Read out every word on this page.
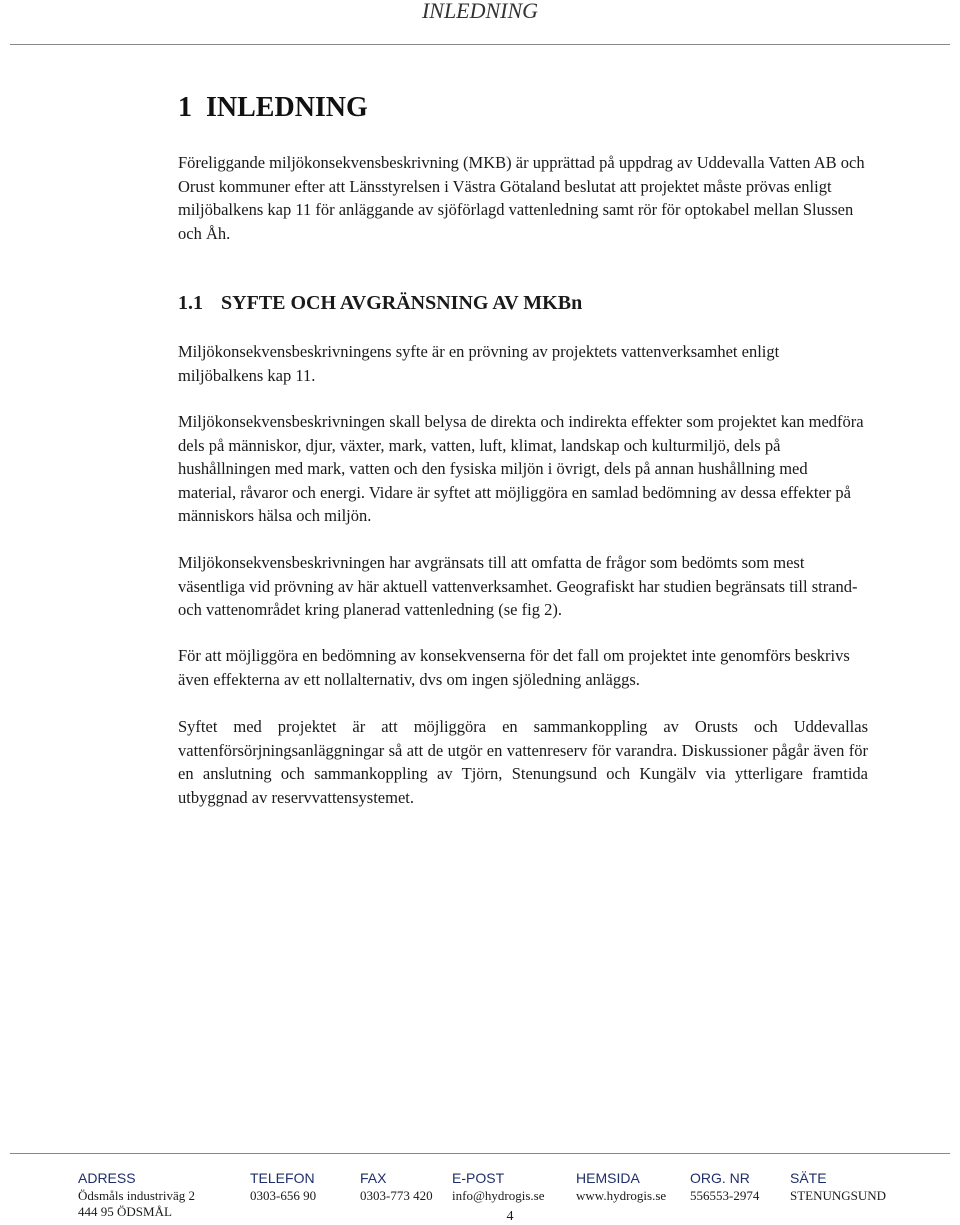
INLEDNING
1 INLEDNING

Föreliggande miljökonsekvensbeskrivning (MKB) är upprättad på uppdrag av Uddevalla Vatten AB och Orust kommuner efter att Länsstyrelsen i Västra Götaland beslutat att projektet måste prövas enligt miljöbalkens kap 11 för anläggande av sjöförlagd vattenledning samt rör för optokabel mellan Slussen och Åh.

1.1 SYFTE OCH AVGRÄNSNING AV MKBn

Miljökonsekvensbeskrivningens syfte är en prövning av projektets vattenverksamhet enligt miljöbalkens kap 11.

Miljökonsekvensbeskrivningen skall belysa de direkta och indirekta effekter som projektet kan medföra dels på människor, djur, växter, mark, vatten, luft, klimat, landskap och kulturmiljö, dels på hushållningen med mark, vatten och den fysiska miljön i övrigt, dels på annan hushållning med material, råvaror och energi. Vidare är syftet att möjliggöra en samlad bedömning av dessa effekter på människors hälsa och miljön.

Miljökonsekvensbeskrivningen har avgränsats till att omfatta de frågor som bedömts som mest väsentliga vid prövning av här aktuell vattenverksamhet. Geografiskt har studien begränsats till strand- och vattenområdet kring planerad vattenledning (se fig 2).

För att möjliggöra en bedömning av konsekvenserna för det fall om projektet inte genomförs beskrivs även effekterna av ett nollalternativ, dvs om ingen sjöledning anläggs.

Syftet med projektet är att möjliggöra en sammankoppling av Orusts och Uddevallas vattenförsörjningsanläggningar så att de utgör en vattenreserv för varandra. Diskussioner pågår även för en anslutning och sammankoppling av Tjörn, Stenungsund och Kungälv via ytterligare framtida utbyggnad av reservvattensystemet.

ADRESS
Ödsmåls industriväg 2
444 95 ÖDSMÅL
TELEFON
0303-656 90
FAX
0303-773 420
E-POST
info@hydrogis.se
HEMSIDA
www.hydrogis.se
ORG. NR
556553-2974
SÄTE
STENUNGSUND
4
